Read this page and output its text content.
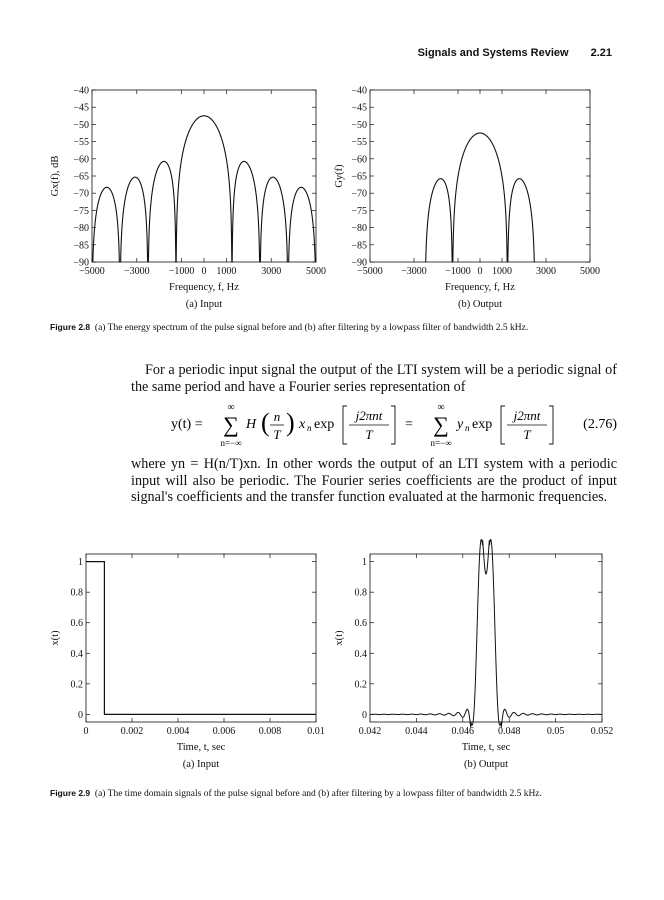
Signals and Systems Review 2.21
−5000 −3000 −1000 0 1000 3000 5000
−40
−45
−50
−55
−60
−65
−70
−75
−80
−85
−90
Frequency, f, Hz
(a) Input
Gx(f), dB
−5000 −3000 −1000 0 1000 3000 5000
−40
−45
−50
−55
−60
−65
−70
−75
−80
−85
−90
Frequency, f, Hz
(b) Output
Gy(f)
Figure 2.8 (a) The energy spectrum of the pulse signal before and (b) after filtering by a lowpass filter of bandwidth 2.5 kHz.
For a periodic input signal the output of the LTI system will be a periodic signal of the same period and have a Fourier series representation of
y(t) =
∞
∑
n=−∞
H ( n
T ) x n exp
j2πnt
T
=
∞
∑
n=−∞
y n exp
j2πnt
T
(2.76)
where yn = H(n/T)xn. In other words the output of an LTI system with a periodic input will also be periodic. The Fourier series coefficients are the product of input signal's coefficients and the transfer function evaluated at the harmonic frequencies.
0	0.002 0.004 0.006 0.008	0.01
0
0.2
0.4
0.6
0.8
1
Time, t, sec
(a) Input
x(t)
0.042 0.044 0.046 0.048	0.05	0.052
0
0.2
0.4
0.6
0.8
1
Time, t, sec
(b) Output
x(t)
Figure 2.9 (a) The time domain signals of the pulse signal before and (b) after filtering by a lowpass filter of bandwidth 2.5 kHz.
